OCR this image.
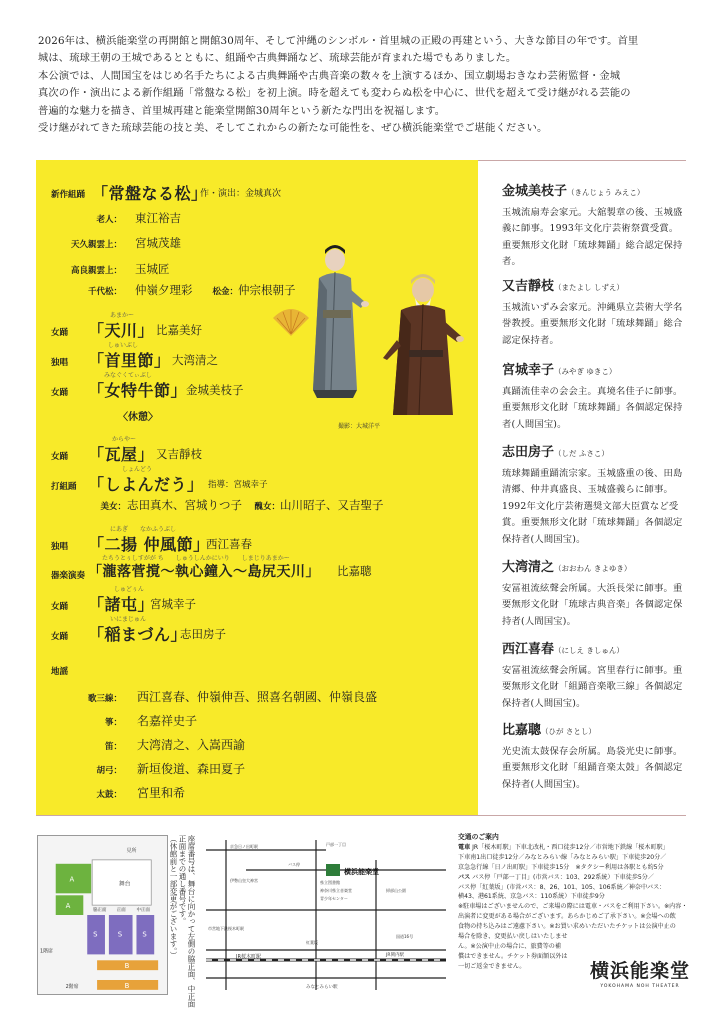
2026年は、横浜能楽堂の再開館と開館30周年、そして沖縄のシンボル・首里城の正殿の再建という、大きな節目の年です。首里

城は、琉球王朝の王城であるとともに、組踊や古典舞踊など、琉球芸能が育まれた場でもありました。

本公演では、人間国宝をはじめ名手たちによる古典舞踊や古典音楽の数々を上演するほか、国立劇場おきなわ芸術監督・金城

真次の作・演出による新作組踊「常盤なる松」を初上演。時を超えても変わらぬ松を中心に、世代を超えて受け継がれる芸能の

普遍的な魅力を描き、首里城再建と能楽堂開館30周年という新たな門出を祝福します。

受け継がれてきた琉球芸能の技と美、そしてこれからの新たな可能性を、ぜひ横浜能楽堂でご堪能ください。

新作組踊 「常盤なる松」
作・演出：金城真次
老人： 東江裕吉
天久親雲上： 宮城茂雄
高良親雲上： 玉城匠
千代松： 仲嶺夕理彩 松金： 仲宗根朝子
女踊
あまかー
「天川」 比嘉美好
独唱
しゅいぶし
「首里節」 大湾清之
女踊
みなぐくてぃぶし
「女特牛節」
金城美枝子
〈休憩〉
女踊
からやー
「瓦屋」 又吉靜枝
打組踊
しょんどう
「しよんだう」 指導：宮城幸子
美女： 志田真木、宮城りつ子 醜女： 山川昭子、又吉聖子
独唱
にあぎ　　なかふうぶし
「二揚 仲風節」
西江喜春
器楽演奏
たちうとぅしすがが ち　　しゅうしんかにいり　　しまじりあまかー
「瀧落菅撹～執心鐘入～島尻天川」 比嘉聰
女踊
しゅどぅん
「諸屯」
宮城幸子
女踊
いにまじゅん
「稲まづん」
志田房子
地謡
歌三線： 西江喜春、仲嶺伸吾、照喜名朝國、仲嶺良盛
箏： 名嘉祥史子
笛： 大湾清之、入嵩西諭
胡弓： 新垣俊道、森田夏子
太鼓： 宮里和希
撮影：大城洋平
金城美枝子（きんじょう みえこ）
玉城流扇寿会家元。大舘製章の後、玉城盛義に師事。1993年文化庁芸術祭賞受賞。重要無形文化財「琉球舞踊」総合認定保持者。
又吉靜枝（またよし しずえ）
玉城流いずみ会家元。沖縄県立芸術大学名誉教授。重要無形文化財「琉球舞踊」総合認定保持者。
宮城幸子（みやぎ ゆきこ）
真踊流佳幸の会会主。真境名佳子に師事。重要無形文化財「琉球舞踊」各個認定保持者(人間国宝)。
志田房子（しだ ふさこ）
琉球舞踊重踊流宗家。玉城盛重の後、田島清郷、仲井真盛良、玉城盛義らに師事。1992年文化庁芸術選奨文部大臣賞など受賞。重要無形文化財「琉球舞踊」各個認定保持者(人間国宝)。
大湾清之（おおわん きよゆき）
安冨祖流絃聲会所属。大浜長栄に師事。重要無形文化財「琉球古典音楽」各個認定保持者(人間国宝)。
西江喜春（にしえ きしゅん）
安冨祖流絃聲会所属。宮里春行に師事。重要無形文化財「組踊音楽歌三線」各個認定保持者(人間国宝)。
比嘉聰（ひが さとし）
光史流太鼓保存会所属。島袋光史に師事。重要無形文化財「組踊音楽太鼓」各個認定保持者(人間国宝)。
舞台
見所
A
A
S	S	S
B
B
1階席
2階席
正面
脇正面	中正面	座席番号は、舞台に向かって左側の脇正面、中正面

正面までの通し番号です。

（休館前と一部変更がございます。）	横浜能楽堂
京急日ノ出町駅	戸部一丁目
伊勢山皇大神宮
バス停
神奈川県立音楽堂
青少年センター
県立図書館
掃部山公園
市営地下鉄桜木町駅
JR桜木町駅	JR関内駅
紅葉坂
みなとみらい駅
国道16号
交通のご案内
電車 JR「桜木町駅」下車北改札・西口徒歩12分／市営地下鉄線「桜木町駅」
下車南1出口徒歩12分／みなとみらい線「みなとみらい駅」下車徒歩20分／
京急急行線「日ノ出町駅」下車徒歩15分　※タクシー利用は各駅とも約5分
バス バス停「戸部一丁目」(市営バス：103、292系統）下車徒歩5分／
バス停「紅葉坂」(市営バス：8、26、101、105、106系統／神奈中バス：
横43、港61系統、京急バス：110系統）下車徒歩9分
※駐車場はございませんので、ご来場の際には電車・バスをご利用下さい。※内容・
出演者に変更がある場合がございます。あらかじめご了承下さい。※会場への飲
食物の持ち込みはご遠慮下さい。※お買い求めいただいたチケットは公演中止の
場合を除き、変更払い戻しはいたしませ
ん。※公演中止の場合に、旅費等の補
償はできません。チケット券面額以外は
一切ご返金できません。	横浜能楽堂
YOKOHAMA NOH THEATER
